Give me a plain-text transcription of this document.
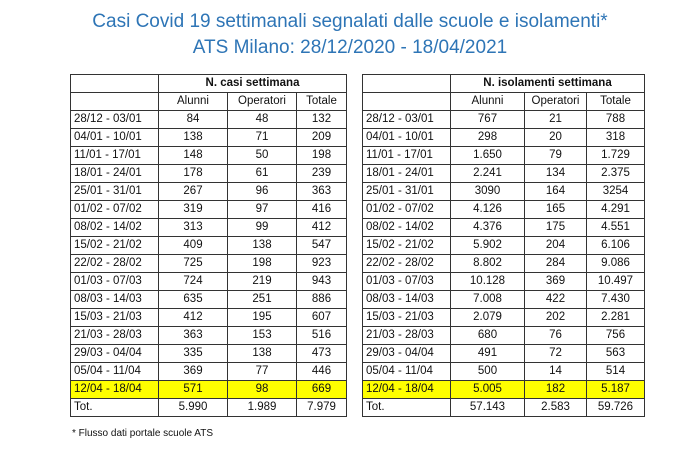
Casi Covid 19 settimanali segnalati dalle scuole e isolamenti*
ATS Milano: 28/12/2020 - 18/04/2021
	N. casi settimana		
	Alunni	Operatori	Totale
28/12 - 03/01	84	48	132
04/01 - 10/01	138	71	209
11/01 - 17/01	148	50	198
18/01 - 24/01	178	61	239
25/01 - 31/01	267	96	363
01/02 - 07/02	319	97	416
08/02 - 14/02	313	99	412
15/02 - 21/02	409	138	547
22/02 - 28/02	725	198	923
01/03 - 07/03	724	219	943
08/03 - 14/03	635	251	886
15/03 - 21/03	412	195	607
21/03 - 28/03	363	153	516
29/03 - 04/04	335	138	473
05/04 - 11/04	369	77	446
12/04 - 18/04	571	98	669
Tot.	5.990	1.989	7.979
	N. isolamenti settimana		
	Alunni	Operatori	Totale
28/12 - 03/01	767	21	788
04/01 - 10/01	298	20	318
11/01 - 17/01	1.650	79	1.729
18/01 - 24/01	2.241	134	2.375
25/01 - 31/01	3090	164	3254
01/02 - 07/02	4.126	165	4.291
08/02 - 14/02	4.376	175	4.551
15/02 - 21/02	5.902	204	6.106
22/02 - 28/02	8.802	284	9.086
01/03 - 07/03	10.128	369	10.497
08/03 - 14/03	7.008	422	7.430
15/03 - 21/03	2.079	202	2.281
21/03 - 28/03	680	76	756
29/03 - 04/04	491	72	563
05/04 - 11/04	500	14	514
12/04 - 18/04	5.005	182	5.187
Tot.	57.143	2.583	59.726
* Flusso dati portale scuole ATS
